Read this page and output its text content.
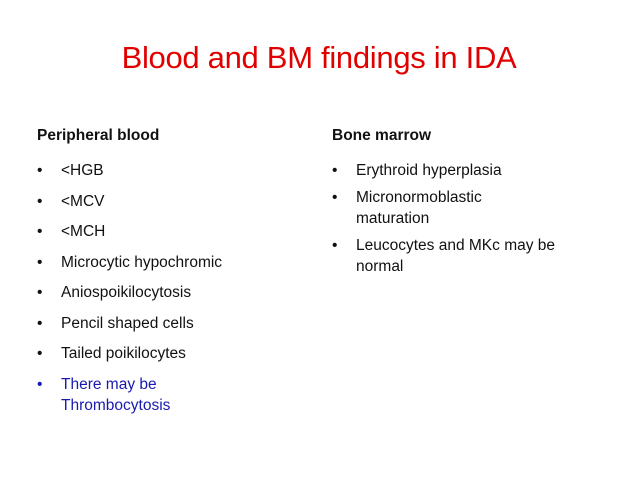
Blood and BM findings in IDA
Peripheral blood
•	<HGB
•	<MCV
•	<MCH
•	Microcytic hypochromic
•	Aniospoikilocytosis
•	Pencil shaped cells
•	Tailed poikilocytes
•	There may be
Thrombocytosis
Bone marrow
•	Erythroid hyperplasia
•	Micronormoblastic
maturation
•	Leucocytes and MKc may be
normal
